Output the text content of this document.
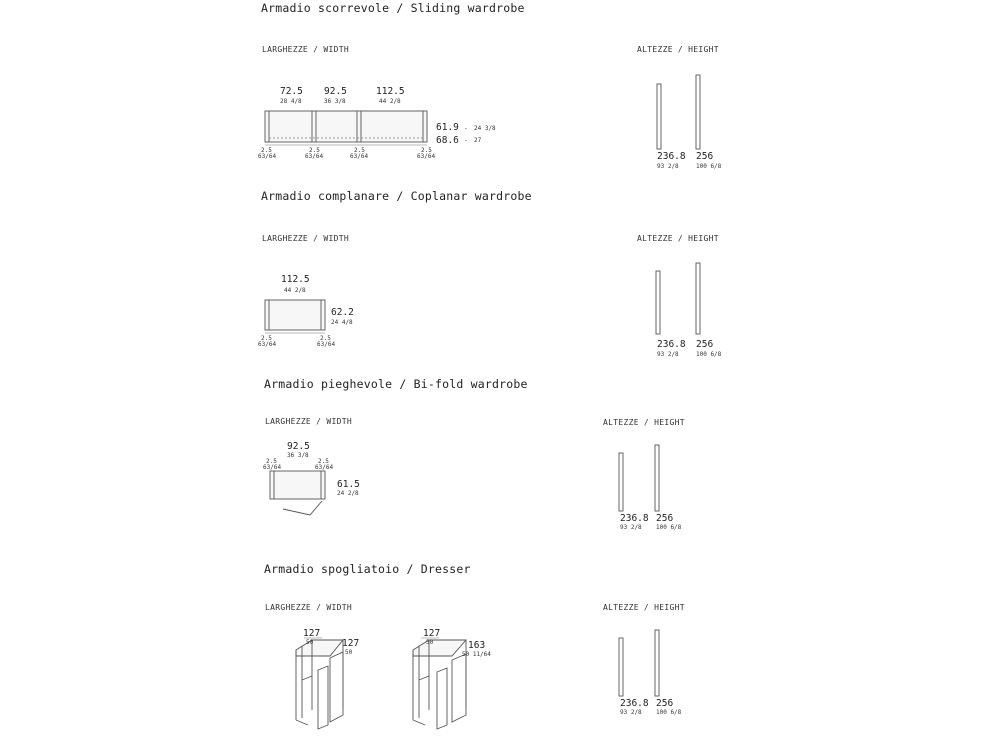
Armadio scorrevole / Sliding wardrobe
LARGHEZZE / WIDTH	ALTEZZE / HEIGHT
72.5
28 4/8
92.5
36 3/8
112.5
44 2/8
61.9 - 24 3/8
68.6 - 27
2.5
63/64
2.5
63/64
2.5
63/64
2.5
63/64	236.8
93 2/8
256
100 6/8
Armadio complanare / Coplanar wardrobe
LARGHEZZE / WIDTH	ALTEZZE / HEIGHT
112.5
44 2/8
62.2
24 4/8
2.5
63/64
2.5
63/64	236.8
93 2/8
256
100 6/8
Armadio pieghevole / Bi-fold wardrobe
LARGHEZZE / WIDTH	ALTEZZE / HEIGHT
92.5
36 3/8
2.5
63/64
2.5
63/64
61.5
24 2/8
236.8
93 2/8
256
100 6/8
Armadio spogliatoio / Dresser
LARGHEZZE / WIDTH	ALTEZZE / HEIGHT
127
50	127
50
127
50	163
50 11/64
236.8
93 2/8
256
100 6/8
